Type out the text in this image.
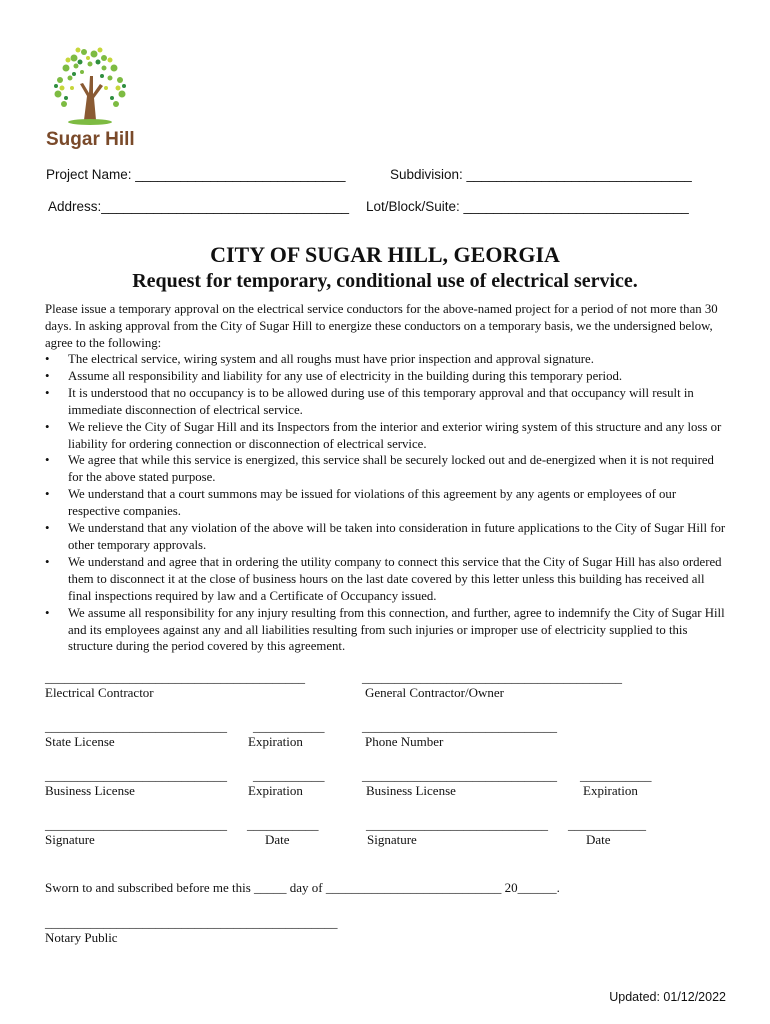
Sugar Hill
Project Name: ____________________________	Subdivision: ______________________________
Address:_________________________________ Lot/Block/Suite: ______________________________
CITY OF SUGAR HILL, GEORGIA
Request for temporary, conditional use of electrical service.

Please issue a temporary approval on the electrical service conductors for the above-named project for a period of not more than 30 days. In asking approval from the City of Sugar Hill to energize these conductors on a temporary basis, we the undersigned below, agree to the following:

• The electrical service, wiring system and all roughs must have prior inspection and approval signature.
• Assume all responsibility and liability for any use of electricity in the building during this temporary period.
• It is understood that no occupancy is to be allowed during use of this temporary approval and that occupancy will result in immediate disconnection of electrical service.
• We relieve the City of Sugar Hill and its Inspectors from the interior and exterior wiring system of this structure and any loss or liability for ordering connection or disconnection of electrical service.
• We agree that while this service is energized, this service shall be securely locked out and de-energized when it is not required for the above stated purpose.
• We understand that a court summons may be issued for violations of this agreement by any agents or employees of our respective companies.
• We understand that any violation of the above will be taken into consideration in future applications to the City of Sugar Hill for other temporary approvals.
• We understand and agree that in ordering the utility company to connect this service that the City of Sugar Hill has also ordered them to disconnect it at the close of business hours on the last date covered by this letter unless this building has received all final inspections required by law and a Certificate of Occupancy issued.
• We assume all responsibility for any injury resulting from this connection, and further, agree to indemnify the City of Sugar Hill and its employees against any and all liabilities resulting from such injuries or improper use of electricity supplied to this structure during the period covered by this agreement.
________________________________________	________________________________________
Electrical Contractor	General Contractor/Owner
____________________________ ___________	______________________________
State License	Expiration	Phone Number
____________________________ ___________	______________________________ ___________
Business License	Expiration	Business License	Expiration
____________________________ ___________	____________________________ ____________
Signature	Date	Signature	Date
Sworn to and subscribed before me this _____ day of ___________________________ 20______.
_____________________________________________
Notary Public
Updated: 01/12/2022
